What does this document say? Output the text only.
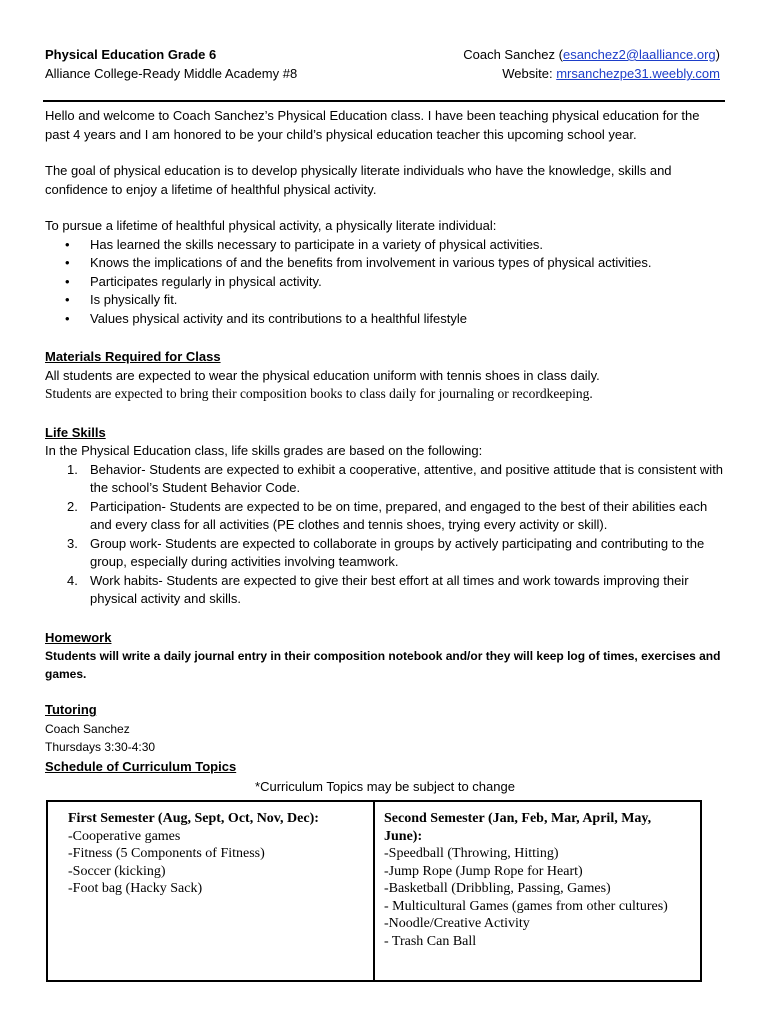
Physical Education Grade 6	Coach Sanchez (esanchez2@laalliance.org)
Alliance College-Ready Middle Academy #8	Website: mrsanchezpe31.weebly.com

Hello and welcome to Coach Sanchez’s Physical Education class. I have been teaching physical education for the past 4 years and I am honored to be your child’s physical education teacher this upcoming school year.

The goal of physical education is to develop physically literate individuals who have the knowledge, skills and confidence to enjoy a lifetime of healthful physical activity.

To pursue a lifetime of healthful physical activity, a physically literate individual:

• Has learned the skills necessary to participate in a variety of physical activities.
• Knows the implications of and the benefits from involvement in various types of physical activities.
• Participates regularly in physical activity.
• Is physically fit.
• Values physical activity and its contributions to a healthful lifestyle

Materials Required for Class

All students are expected to wear the physical education uniform with tennis shoes in class daily.

Students are expected to bring their composition books to class daily for journaling or recordkeeping.

Life Skills

In the Physical Education class, life skills grades are based on the following:

1. Behavior- Students are expected to exhibit a cooperative, attentive, and positive attitude that is consistent with the school’s Student Behavior Code.
2. Participation- Students are expected to be on time, prepared, and engaged to the best of their abilities each and every class for all activities (PE clothes and tennis shoes, trying every activity or skill).
3. Group work- Students are expected to collaborate in groups by actively participating and contributing to the group, especially during activities involving teamwork.
4. Work habits- Students are expected to give their best effort at all times and work towards improving their physical activity and skills.

Homework

Students will write a daily journal entry in their composition notebook and/or they will keep log of times, exercises and games.

Tutoring

Coach Sanchez

Thursdays 3:30-4:30

Schedule of Curriculum Topics

*Curriculum Topics may be subject to change

First Semester (Aug, Sept, Oct, Nov, Dec):
-Cooperative games
-Fitness (5 Components of Fitness)
-Soccer (kicking)
-Foot bag (Hacky Sack)

Second Semester (Jan, Feb, Mar, April, May, June):
-Speedball (Throwing, Hitting)
-Jump Rope (Jump Rope for Heart)
-Basketball (Dribbling, Passing, Games)
- Multicultural Games (games from other cultures)
-Noodle/Creative Activity
- Trash Can Ball
